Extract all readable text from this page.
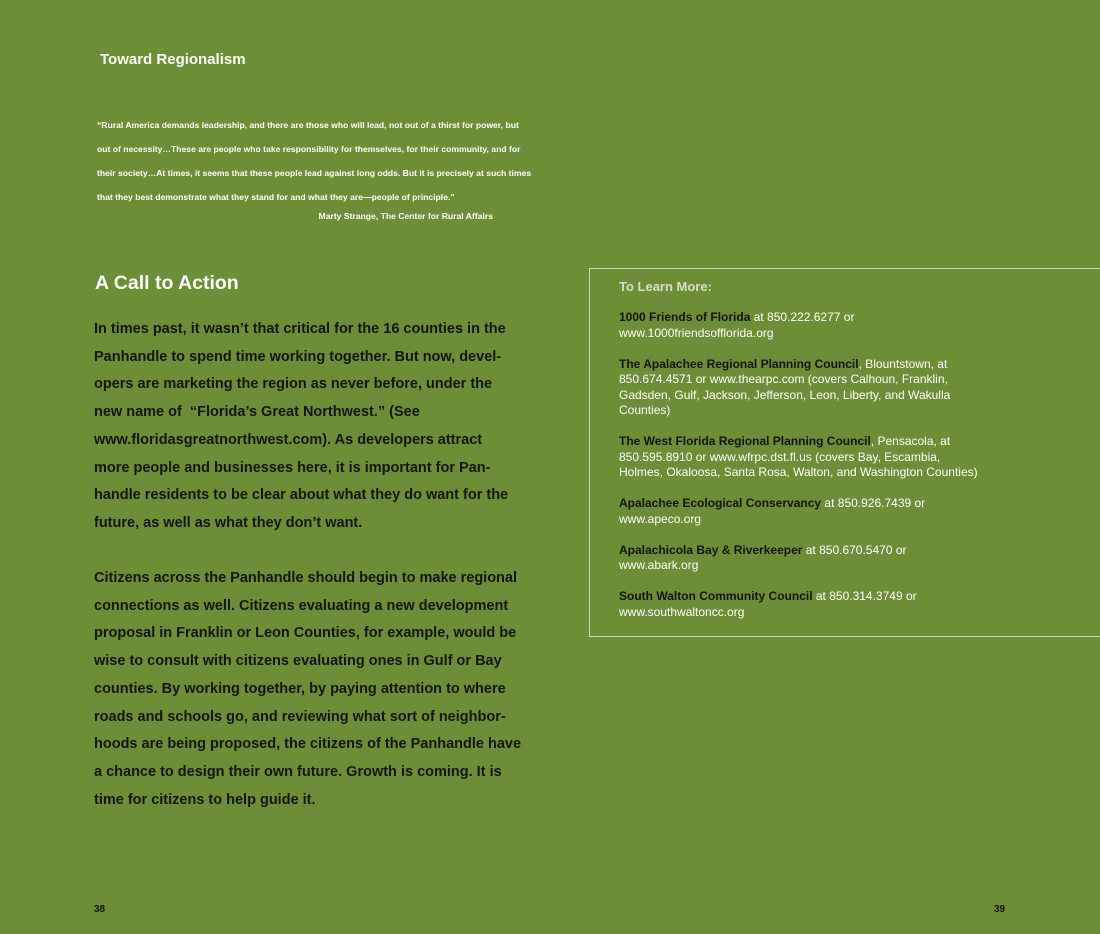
Toward Regionalism
“Rural America demands leadership, and there are those who will lead, not out of a thirst for power, but
out of necessity…These are people who take responsibility for themselves, for their community, and for
their society…At times, it seems that these people lead against long odds. But it is precisely at such times
that they best demonstrate what they stand for and what they are—people of principle.”
Marty Strange, The Center for Rural Affairs
A Call to Action
In times past, it wasn’t that critical for the 16 counties in the
Panhandle to spend time working together. But now, devel-
opers are marketing the region as never before, under the
new name of  “Florida’s Great Northwest.” (See
www.floridasgreatnorthwest.com). As developers attract
more people and businesses here, it is important for Pan-
handle residents to be clear about what they do want for the
future, as well as what they don’t want.
Citizens across the Panhandle should begin to make regional
connections as well. Citizens evaluating a new development
proposal in Franklin or Leon Counties, for example, would be
wise to consult with citizens evaluating ones in Gulf or Bay
counties. By working together, by paying attention to where
roads and schools go, and reviewing what sort of neighbor-
hoods are being proposed, the citizens of the Panhandle have
a chance to design their own future. Growth is coming. It is
time for citizens to help guide it.
38
To Learn More:
1000 Friends of Florida at 850.222.6277 or
www.1000friendsofflorida.org
The Apalachee Regional Planning Council, Blountstown, at
850.674.4571 or www.thearpc.com (covers Calhoun, Franklin,
Gadsden, Gulf, Jackson, Jefferson, Leon, Liberty, and Wakulla
Counties)
The West Florida Regional Planning Council, Pensacola, at
850.595.8910 or www.wfrpc.dst.fl.us (covers Bay, Escambia,
Holmes, Okaloosa, Santa Rosa, Walton, and Washington Counties)
Apalachee Ecological Conservancy at 850.926.7439 or
www.apeco.org
Apalachicola Bay & Riverkeeper at 850.670.5470 or
www.abark.org
South Walton Community Council at 850.314.3749 or
www.southwaltoncc.org
39
